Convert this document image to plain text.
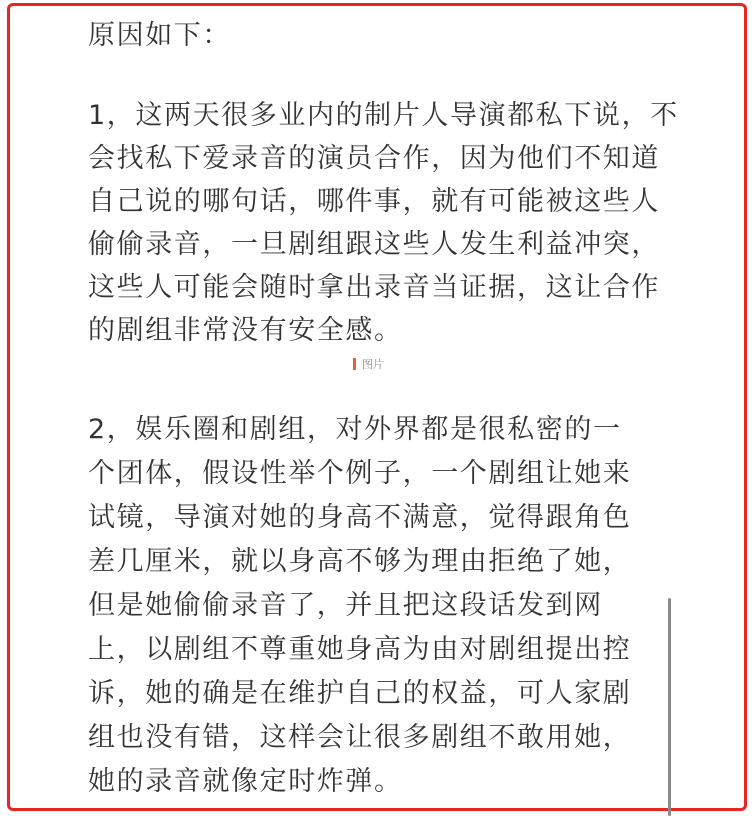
原因如下：
1，这两天很多业内的制片人导演都私下说，不
会找私下爱录音的演员合作，因为他们不知道
自己说的哪句话，哪件事，就有可能被这些人
偷偷录音，一旦剧组跟这些人发生利益冲突，
这些人可能会随时拿出录音当证据，这让合作
的剧组非常没有安全感。
图片
2，娱乐圈和剧组，对外界都是很私密的一
个团体，假设性举个例子，一个剧组让她来
试镜，导演对她的身高不满意，觉得跟角色
差几厘米，就以身高不够为理由拒绝了她，
但是她偷偷录音了，并且把这段话发到网
上，以剧组不尊重她身高为由对剧组提出控
诉，她的确是在维护自己的权益，可人家剧
组也没有错，这样会让很多剧组不敢用她，
她的录音就像定时炸弹。
